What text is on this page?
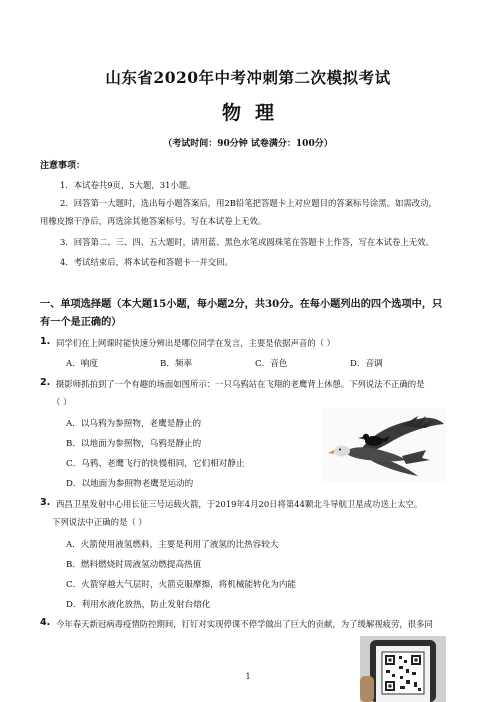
山东省2020年中考冲刺第二次模拟考试
物理
（考试时间：90分钟 试卷满分：100分）
注意事项：
1．本试卷共9页，5大题，31小题。
2．回答第一大题时，选出每小题答案后，用2B铅笔把答题卡上对应题目的答案标号涂黑。如需改动，
用橡皮擦干净后，再选涂其他答案标号。写在本试卷上无效。
3．回答第二、三、四、五大题时，请用蓝、黑色水笔或圆珠笔在答题卡上作答，写在本试卷上无效。
4．考试结束后，将本试卷和答题卡一并交回。
一、单项选择题（本大题15小题，每小题2分，共30分。在每小题列出的四个选项中，只
有一个是正确的）
1. 同学们在上网课时能快速分辨出是哪位同学在发言，主要是依据声音的（ ）
A．响度	B．频率	C．音色	D．音调
2. 摄影师抓拍到了一个有趣的场面如图所示：一只乌鸦站在飞翔的老鹰背上休憩。下列说法不正确的是
（ ）
A．以乌鸦为参照物，老鹰是静止的
B．以地面为参照物，乌鸦是静止的
C．乌鸦、老鹰飞行的快慢相同，它们相对静止
D．以地面为参照物老鹰是运动的
3. 西昌卫星发射中心用长征三号运载火箭，于2019年4月20日将第44颗北斗导航卫星成功送上太空。
下列说法中正确的是（ ）
A．火箭使用液氢燃料，主要是利用了液氢的比热容较大
B．燃料燃烧时周液氢动燃提高热值
C．火箭穿越大气层时，火箭克服摩擦，将机械能转化为内能
D．利用水液化放热，防止发射台熔化
4. 今年春天新冠病毒疫情防控期间，钉钉对实现停课不停学做出了巨大的贡献，为了缓解视疲劳，很多同
1
